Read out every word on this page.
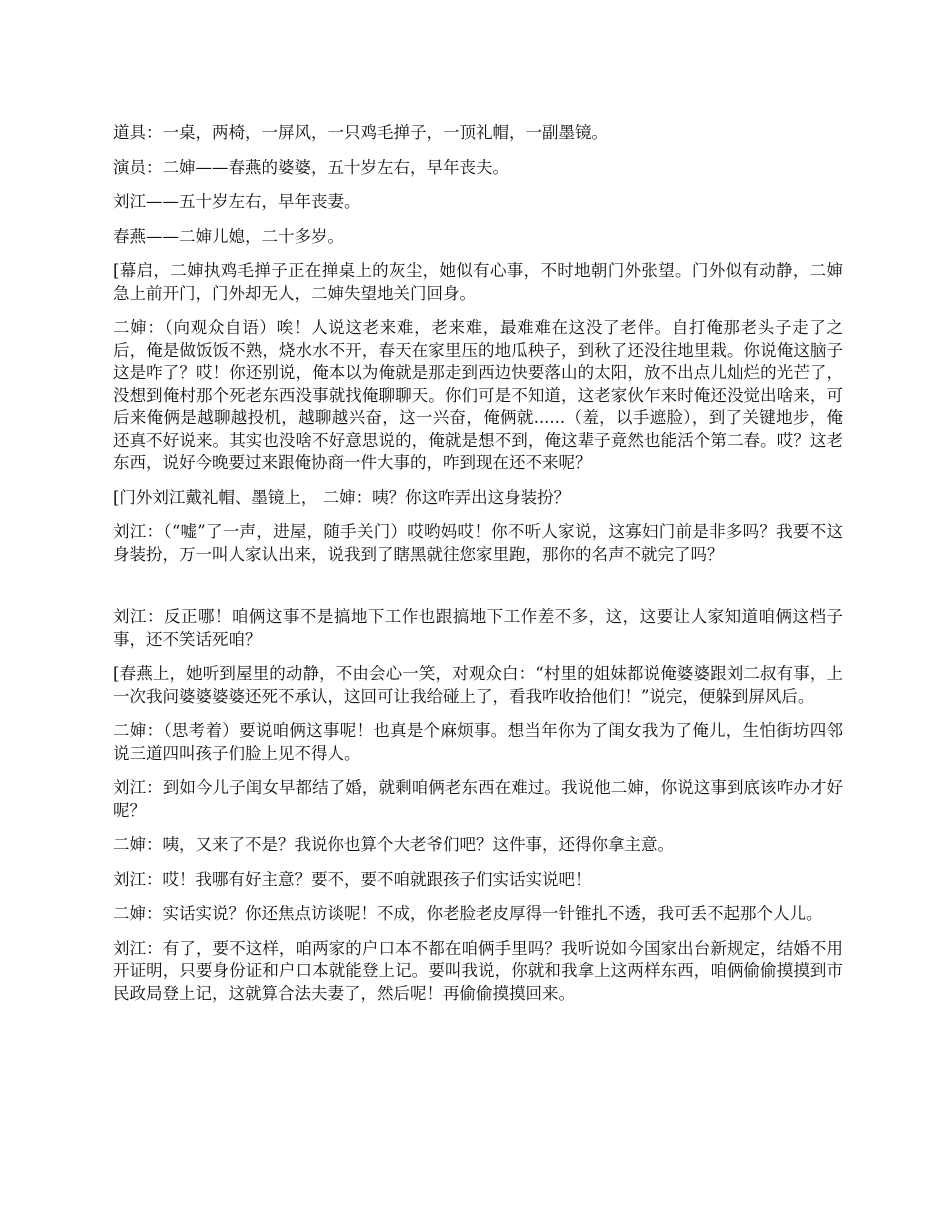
道具：一桌，两椅，一屏风，一只鸡毛掸子，一顶礼帽，一副墨镜。

演员：二婶——春燕的婆婆，五十岁左右，早年丧夫。

刘江——五十岁左右，早年丧妻。

春燕——二婶儿媳，二十多岁。

[幕启，二婶执鸡毛掸子正在掸桌上的灰尘，她似有心事，不时地朝门外张望。门外似有动静，二婶急上前开门，门外却无人，二婶失望地关门回身。

二婶：（向观众自语）唉！人说这老来难，老来难，最难难在这没了老伴。自打俺那老头子走了之后，俺是做饭饭不熟，烧水水不开，春天在家里压的地瓜秧子，到秋了还没往地里栽。你说俺这脑子这是咋了？哎！你还别说，俺本以为俺就是那走到西边快要落山的太阳，放不出点儿灿烂的光芒了，没想到俺村那个死老东西没事就找俺聊聊天。你们可是不知道，这老家伙乍来时俺还没觉出啥来，可后来俺俩是越聊越投机，越聊越兴奋，这一兴奋，俺俩就......（羞，以手遮脸），到了关键地步，俺还真不好说来。其实也没啥不好意思说的，俺就是想不到，俺这辈子竟然也能活个第二春。哎？这老东西，说好今晚要过来跟俺协商一件大事的，咋到现在还不来呢？

[门外刘江戴礼帽、墨镜上， 二婶：咦？你这咋弄出这身装扮？

刘江：（“嘘”了一声，进屋，随手关门）哎哟妈哎！你不听人家说，这寡妇门前是非多吗？我要不这身装扮，万一叫人家认出来，说我到了瞎黑就往您家里跑，那你的名声不就完了吗？

刘江：反正哪！咱俩这事不是搞地下工作也跟搞地下工作差不多，这，这要让人家知道咱俩这档子事，还不笑话死咱？

[春燕上，她听到屋里的动静，不由会心一笑，对观众白：“村里的姐妹都说俺婆婆跟刘二叔有事，上一次我问婆婆婆婆还死不承认，这回可让我给碰上了，看我咋收拾他们！”说完，便躲到屏风后。

二婶：（思考着）要说咱俩这事呢！也真是个麻烦事。想当年你为了闺女我为了俺儿，生怕街坊四邻说三道四叫孩子们脸上见不得人。

刘江：到如今儿子闺女早都结了婚，就剩咱俩老东西在难过。我说他二婶，你说这事到底该咋办才好呢？

二婶：咦，又来了不是？我说你也算个大老爷们吧？这件事，还得你拿主意。

刘江：哎！我哪有好主意？要不，要不咱就跟孩子们实话实说吧！

二婶：实话实说？你还焦点访谈呢！不成，你老脸老皮厚得一针锥扎不透，我可丢不起那个人儿。

刘江：有了，要不这样，咱两家的户口本不都在咱俩手里吗？我听说如今国家出台新规定，结婚不用开证明，只要身份证和户口本就能登上记。要叫我说，你就和我拿上这两样东西，咱俩偷偷摸摸到市民政局登上记，这就算合法夫妻了，然后呢！再偷偷摸摸回来。
